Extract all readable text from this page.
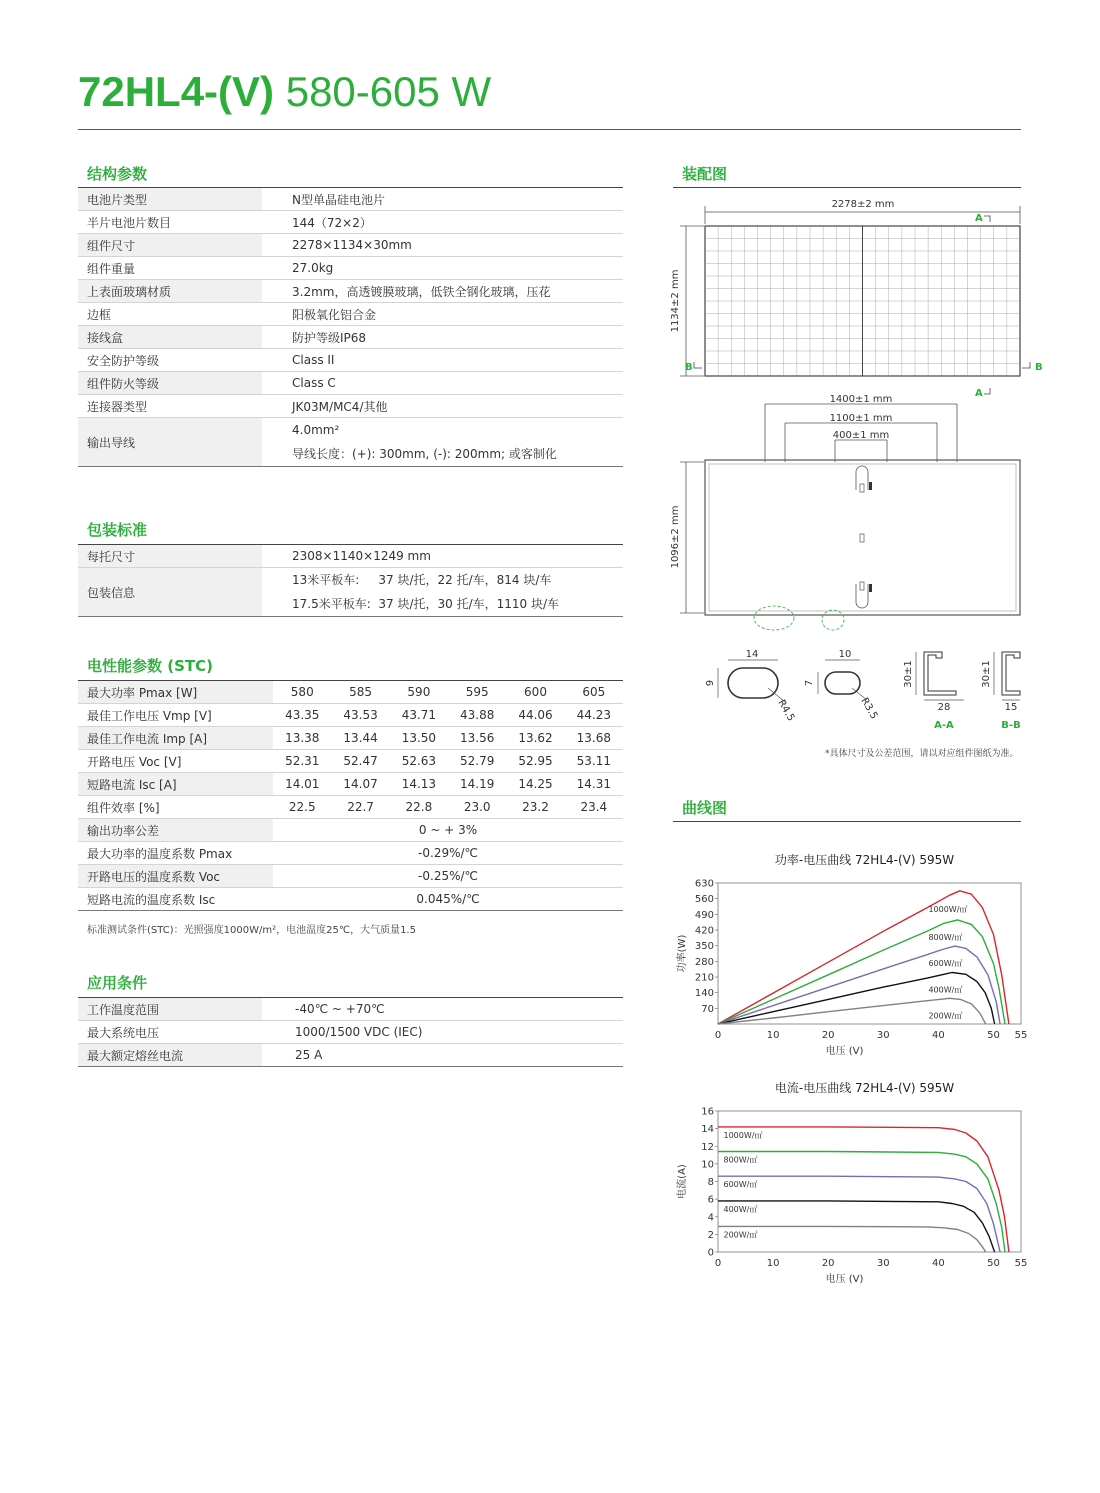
72HL4-(V) 580-605 W
结构参数
电池片类型	N型单晶硅电池片
半片电池片数目	144（72×2）
组件尺寸	2278×1134×30mm
组件重量	27.0kg
上表面玻璃材质	3.2mm，高透镀膜玻璃，低铁全钢化玻璃，压花
边框	阳极氧化铝合金
接线盒	防护等级IP68
安全防护等级	Class II
组件防火等级	Class C
连接器类型	JK03M/MC4/其他
输出导线	4.0mm²
导线长度：(+): 300mm, (-): 200mm; 或客制化
包装标准
每托尺寸	2308×1140×1249 mm
包装信息	13米平板车:     37 块/托，22 托/车，814 块/车
17.5米平板车:  37 块/托，30 托/车，1110 块/车
电性能参数 (STC)
最大功率 Pmax [W]	580	585	590	595	600	605
最佳工作电压 Vmp [V]	43.35	43.53	43.71	43.88	44.06	44.23
最佳工作电流 Imp [A]	13.38	13.44	13.50	13.56	13.62	13.68
开路电压 Voc [V]	52.31	52.47	52.63	52.79	52.95	53.11
短路电流 Isc [A]	14.01	14.07	14.13	14.19	14.25	14.31
组件效率 [%]	22.5	22.7	22.8	23.0	23.2	23.4
输出功率公差	0 ~ + 3%					
最大功率的温度系数 Pmax	-0.29%/℃					
开路电压的温度系数 Voc	-0.25%/℃					
短路电流的温度系数 Isc	0.045%/℃					
标准测试条件(STC)：光照强度1000W/m²，电池温度25℃，大气质量1.5
应用条件
工作温度范围	-40℃ ~ +70℃
最大系统电压	1000/1500 VDC (IEC)
最大额定熔丝电流	25 A
装配图
2278±2 mm
1134±2 mm
A
A
B	B
1400±1 mm
1100±1 mm
400±1 mm
1096±2 mm
14
9
R4.5
10
7
R3.5
30±1
28
A-A
30±1
15
B-B
*具体尺寸及公差范围，请以对应组件图纸为准。
曲线图
功率-电压曲线 72HL4-(V) 595W
70
140
210
280
350
420
490
560
630
0	10	20	30	40	50 55
电压 (V)
功率(W)
1000W/㎡
800W/㎡
600W/㎡
400W/㎡
200W/㎡
电流-电压曲线 72HL4-(V) 595W
0
2
4
6
8
10
12
14
16
0	10	20	30	40	50 55
电压 (V)
电流(A)
1000W/㎡
800W/㎡
600W/㎡
400W/㎡
200W/㎡
